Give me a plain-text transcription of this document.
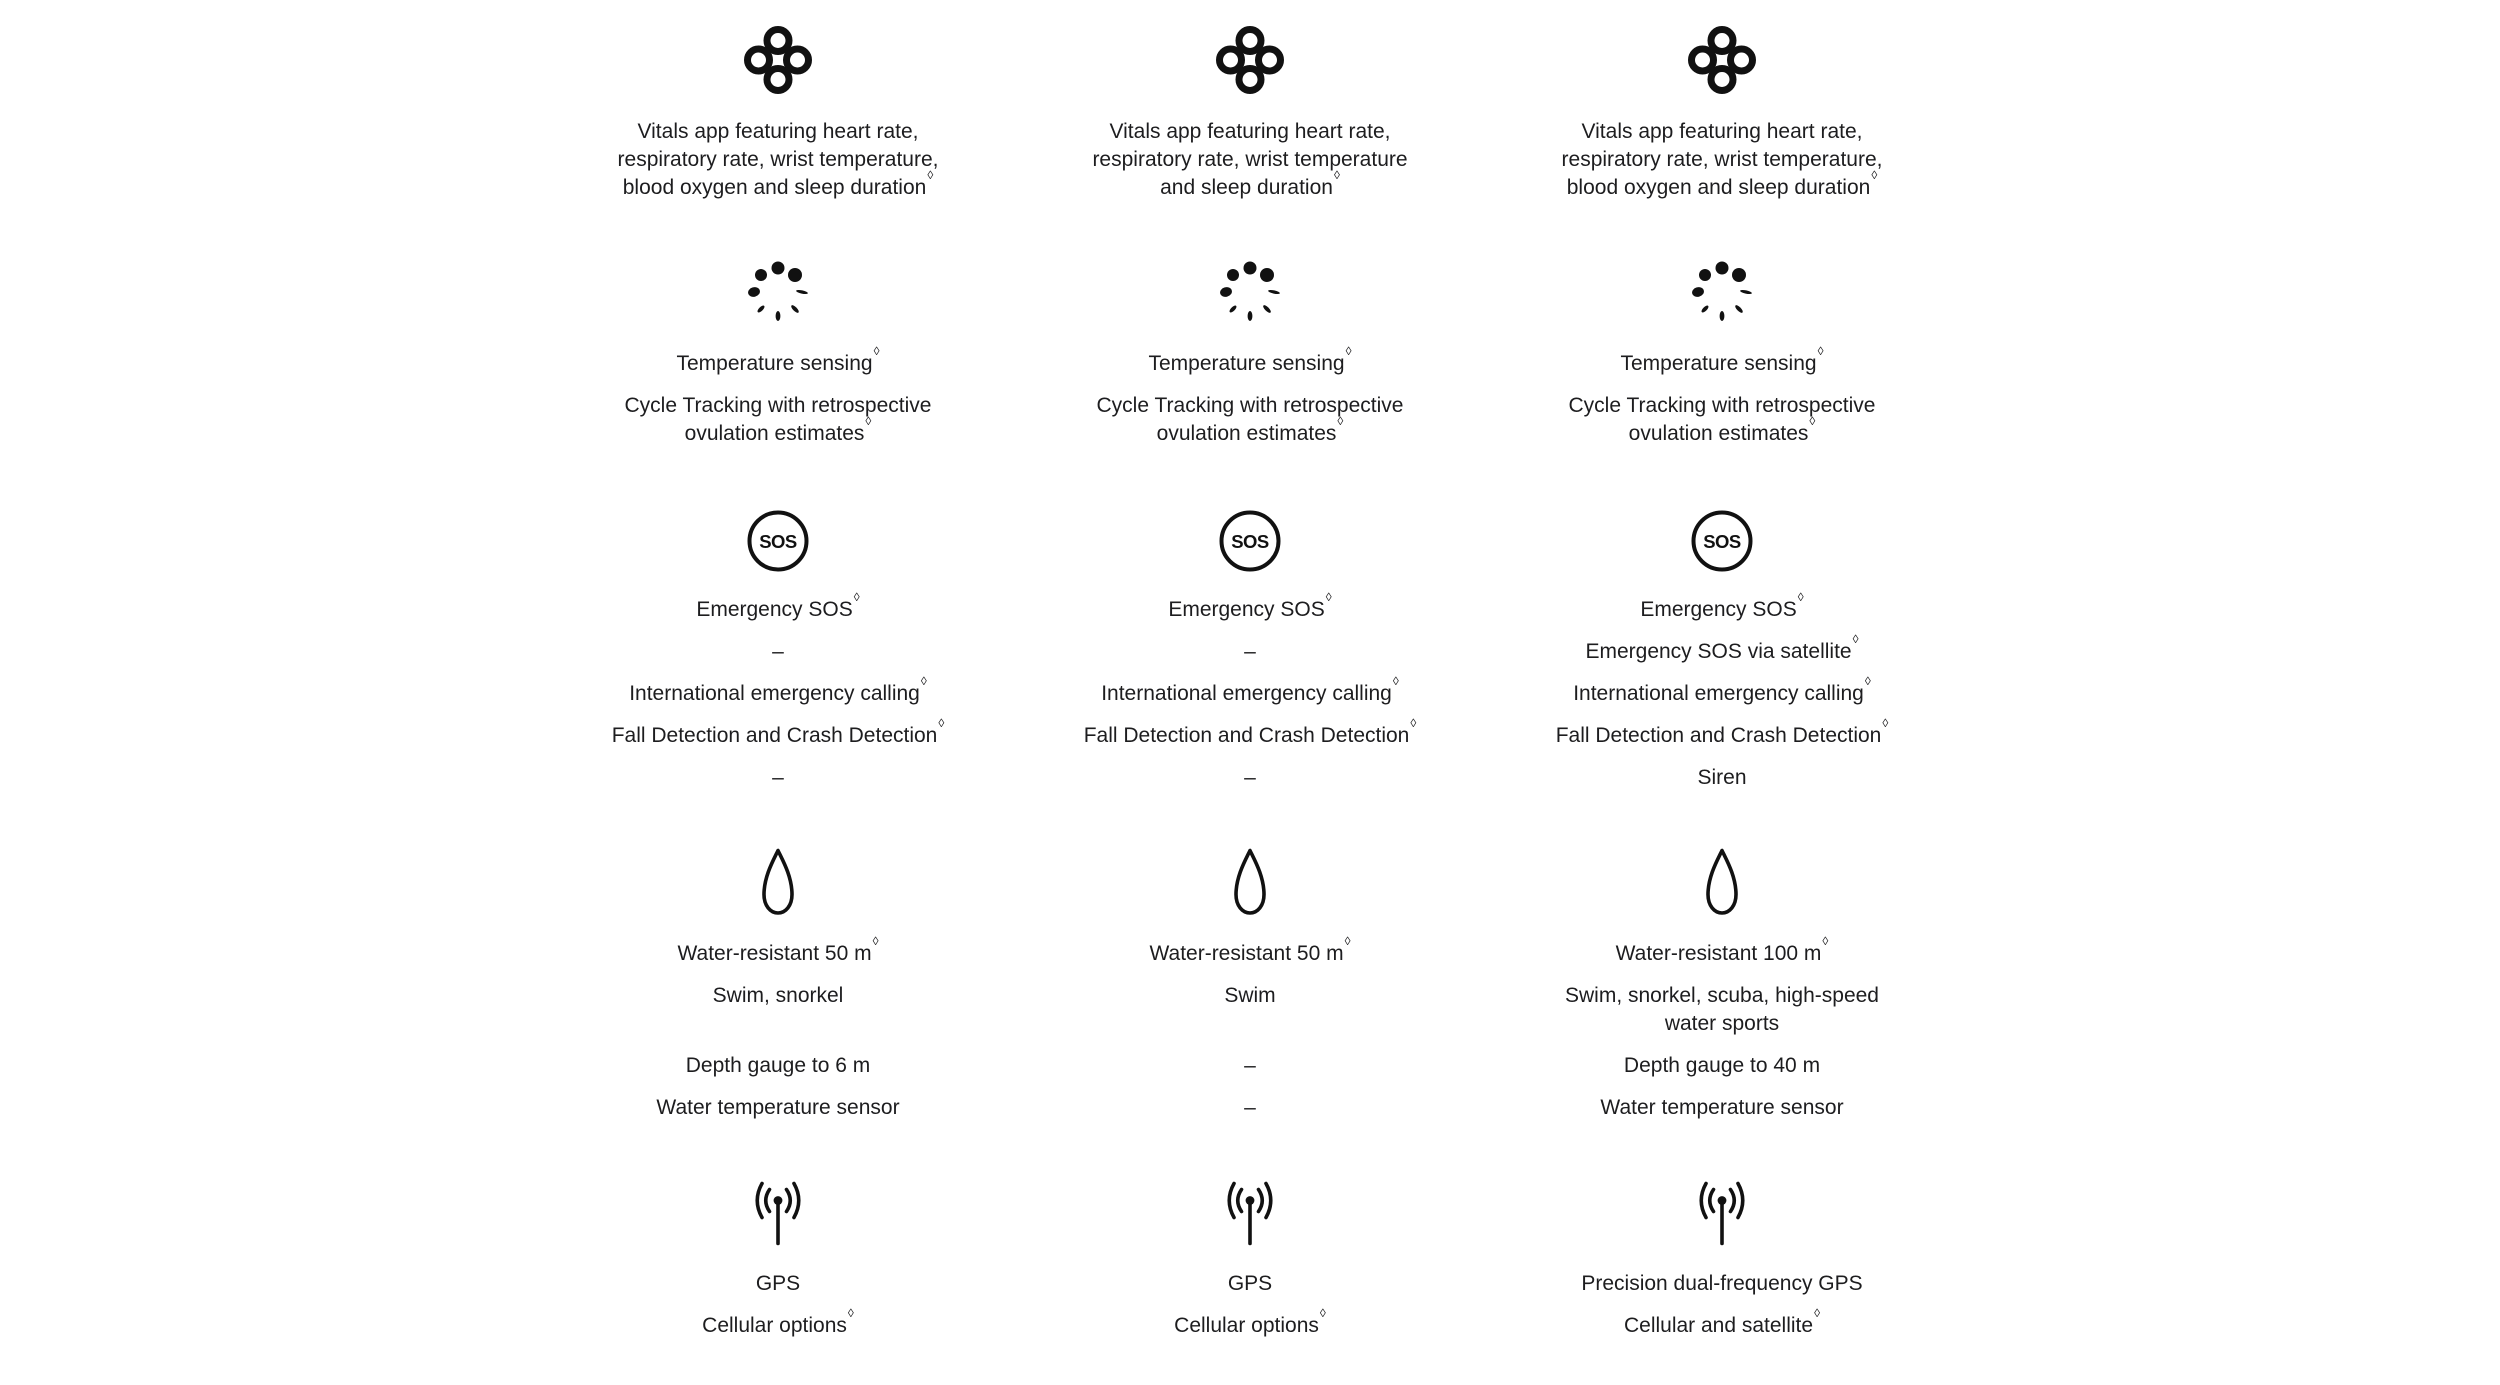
Vitals app featuring heart rate,
respiratory rate, wrist temperature,
blood oxygen and sleep duration◊
Vitals app featuring heart rate,
respiratory rate, wrist temperature
and sleep duration◊
Vitals app featuring heart rate,
respiratory rate, wrist temperature,
blood oxygen and sleep duration◊
Temperature sensing◊
Cycle Tracking with retrospective
ovulation estimates◊
Temperature sensing◊
Cycle Tracking with retrospective
ovulation estimates◊
Temperature sensing◊
Cycle Tracking with retrospective
ovulation estimates◊
Emergency SOS◊
–
International emergency calling◊
Fall Detection and Crash Detection◊
–
Emergency SOS◊
–
International emergency calling◊
Fall Detection and Crash Detection◊
–
Emergency SOS◊
Emergency SOS via satellite◊
International emergency calling◊
Fall Detection and Crash Detection◊
Siren
Water-resistant 50 m◊
Swim, snorkel
Depth gauge to 6 m
Water temperature sensor
Water-resistant 50 m◊
Swim
–
–
Water-resistant 100 m◊
Swim, snorkel, scuba, high-speed
water sports
Depth gauge to 40 m
Water temperature sensor
GPS
Cellular options◊
GPS
Cellular options◊
Precision dual-frequency GPS
Cellular and satellite◊
